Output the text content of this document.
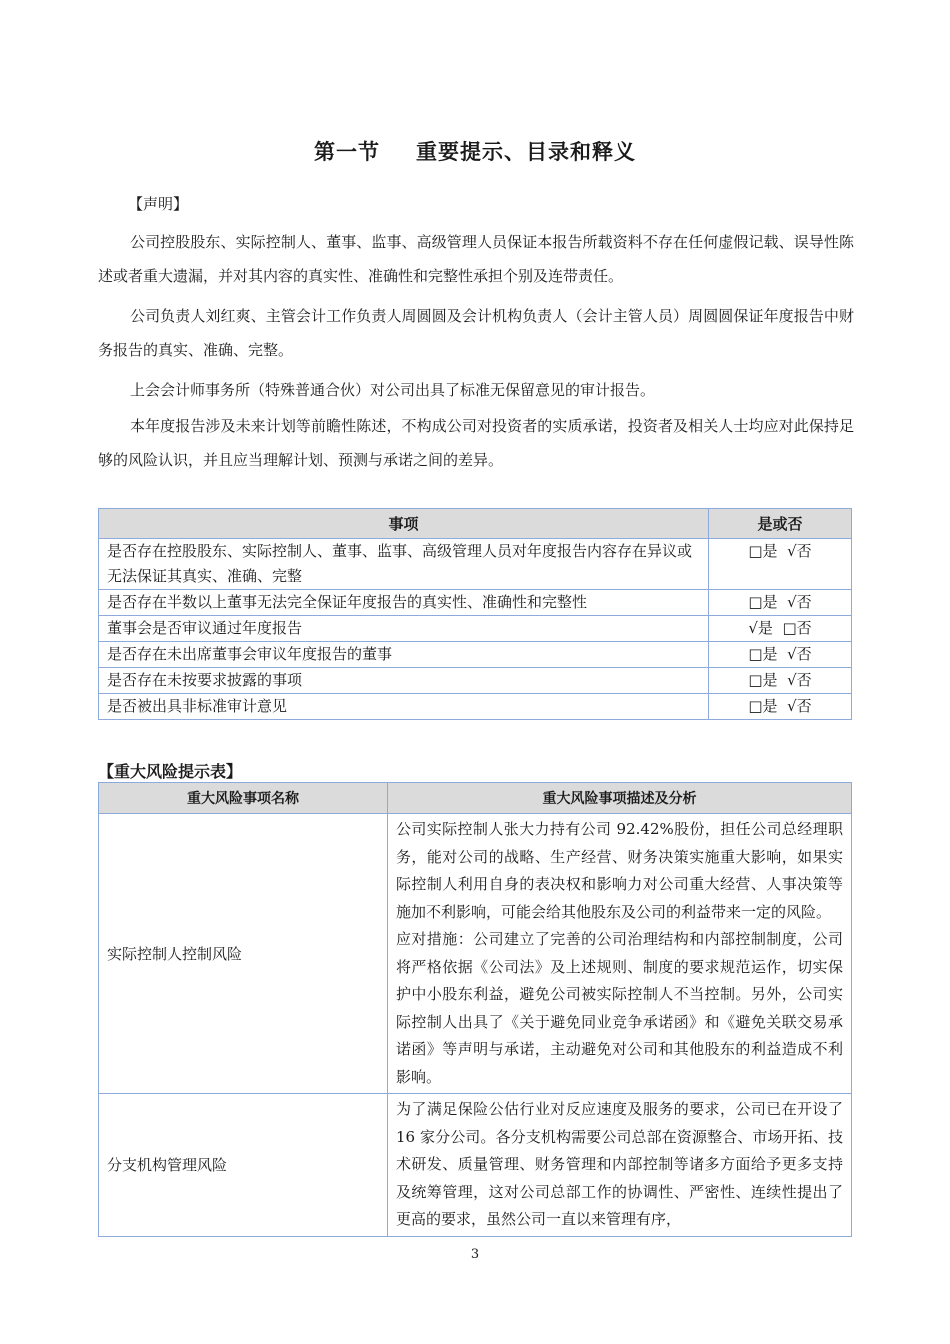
第一节 重要提示、目录和释义
【声明】
公司控股股东、实际控制人、董事、监事、高级管理人员保证本报告所载资料不存在任何虚假记载、误导性陈述或者重大遗漏，并对其内容的真实性、准确性和完整性承担个别及连带责任。
公司负责人刘红爽、主管会计工作负责人周圆圆及会计机构负责人（会计主管人员）周圆圆保证年度报告中财务报告的真实、准确、完整。
上会会计师事务所（特殊普通合伙）对公司出具了标准无保留意见的审计报告。
本年度报告涉及未来计划等前瞻性陈述，不构成公司对投资者的实质承诺，投资者及相关人士均应对此保持足够的风险认识，并且应当理解计划、预测与承诺之间的差异。
事项	是或否
是否存在控股股东、实际控制人、董事、监事、高级管理人员对年度报告内容存在异议或无法保证其真实、准确、完整	□是  √否
是否存在半数以上董事无法完全保证年度报告的真实性、准确性和完整性	□是  √否
董事会是否审议通过年度报告	√是  □否
是否存在未出席董事会审议年度报告的董事	□是  √否
是否存在未按要求披露的事项	□是  √否
是否被出具非标准审计意见	□是  √否
【重大风险提示表】
重大风险事项名称	重大风险事项描述及分析
实际控制人控制风险	公司实际控制人张大力持有公司 92.42%股份，担任公司总经理职务，能对公司的战略、生产经营、财务决策实施重大影响，如果实际控制人利用自身的表决权和影响力对公司重大经营、人事决策等施加不利影响，可能会给其他股东及公司的利益带来一定的风险。

应对措施：公司建立了完善的公司治理结构和内部控制制度，公司将严格依据《公司法》及上述规则、制度的要求规范运作，切实保护中小股东利益，避免公司被实际控制人不当控制。另外，公司实际控制人出具了《关于避免同业竞争承诺函》和《避免关联交易承诺函》等声明与承诺，主动避免对公司和其他股东的利益造成不利影响。

分支机构管理风险	为了满足保险公估行业对反应速度及服务的要求，公司已在开设了 16 家分公司。各分支机构需要公司总部在资源整合、市场开拓、技术研发、质量管理、财务管理和内部控制等诸多方面给予更多支持及统筹管理，这对公司总部工作的协调性、严密性、连续性提出了更高的要求，虽然公司一直以来管理有序，

3
